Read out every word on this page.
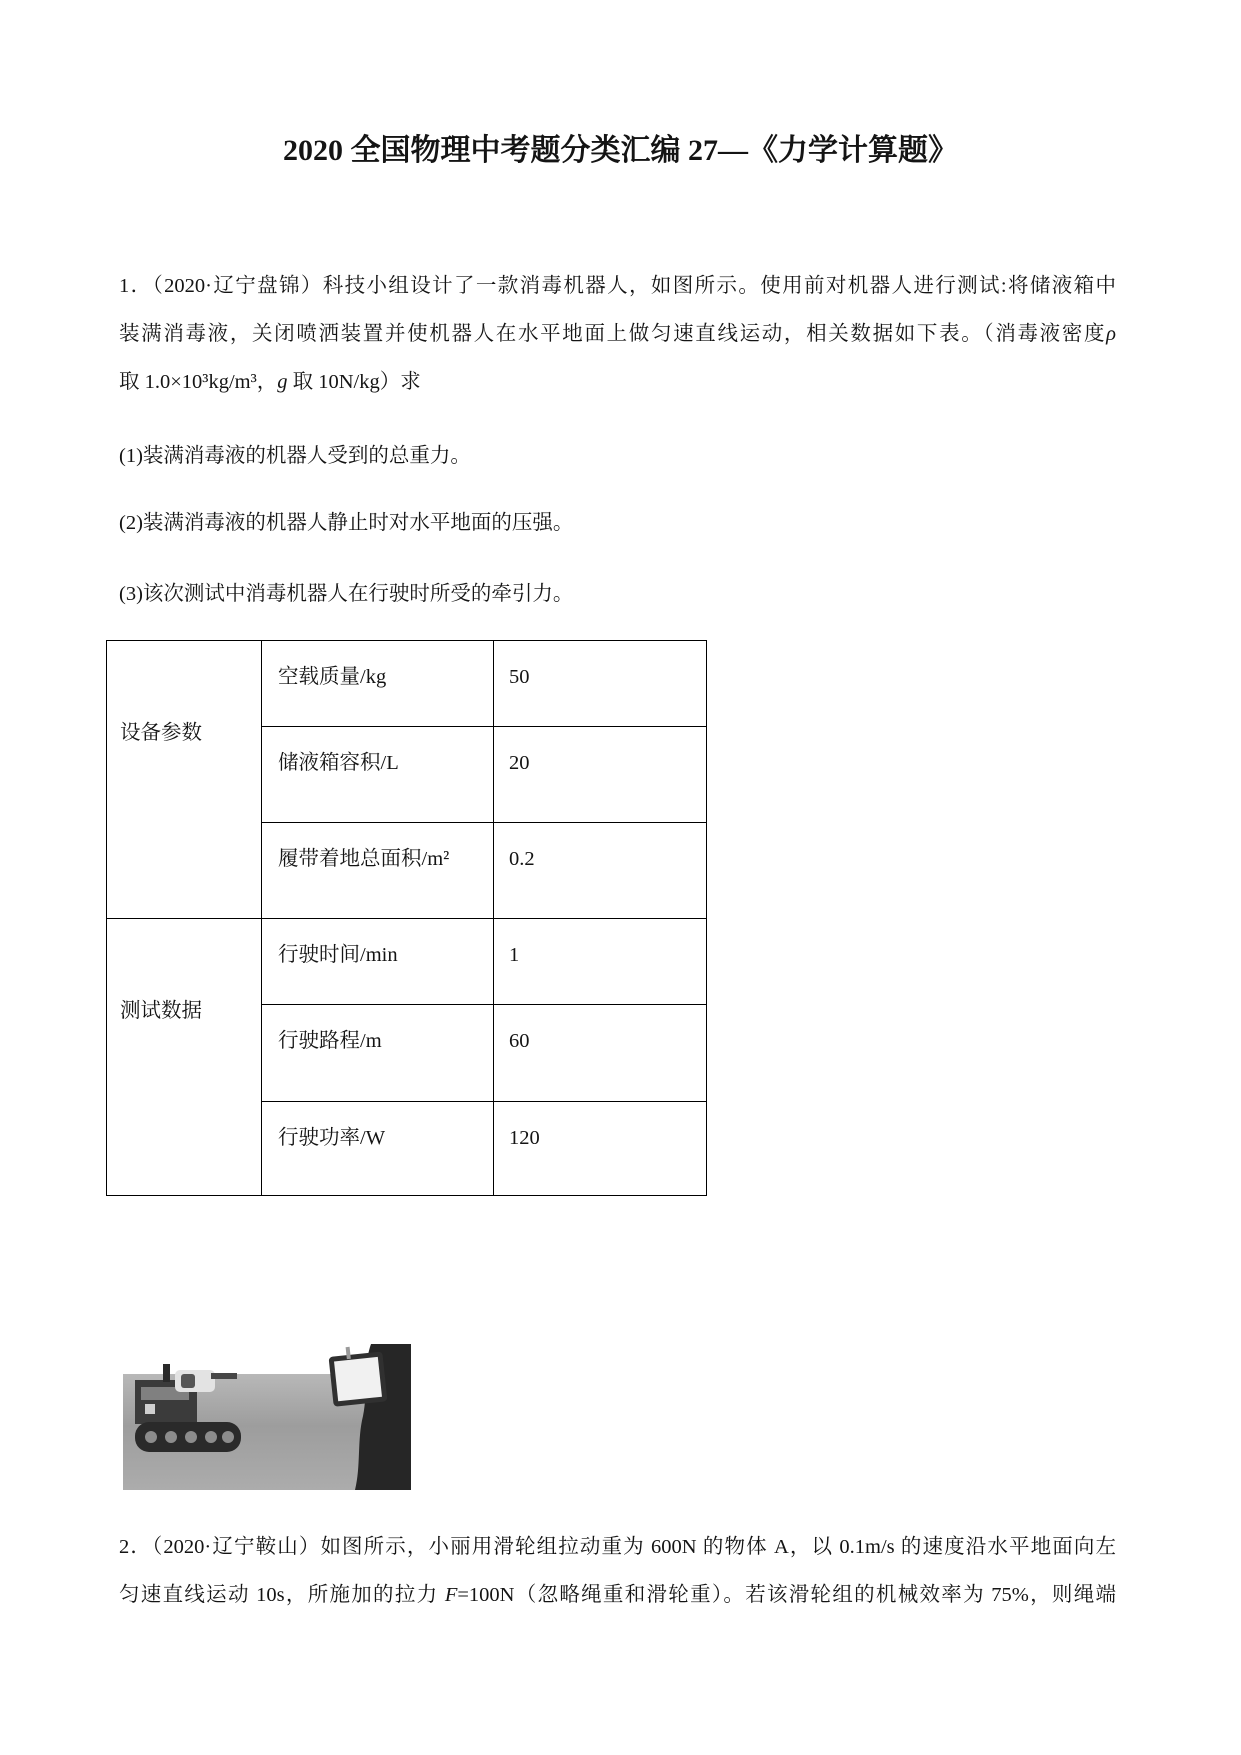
2020 全国物理中考题分类汇编 27—《力学计算题》
1．（2020·辽宁盘锦）科技小组设计了一款消毒机器人，如图所示。使用前对机器人进行测试:将储液箱中
装满消毒液，关闭喷洒装置并使机器人在水平地面上做匀速直线运动，相关数据如下表。（消毒液密度ρ
取 1.0×10³kg/m³，g 取 10N/kg）求
(1)装满消毒液的机器人受到的总重力。
(2)装满消毒液的机器人静止时对水平地面的压强。
(3)该次测试中消毒机器人在行驶时所受的牵引力。
设备参数	空载质量/kg	50
	储液箱容积/L	20
	履带着地总面积/m²	0.2
测试数据	行驶时间/min	1
	行驶路程/m	60
	行驶功率/W	120
2．（2020·辽宁鞍山）如图所示，小丽用滑轮组拉动重为 600N 的物体 A，以 0.1m/s 的速度沿水平地面向左
匀速直线运动 10s，所施加的拉力 F=100N（忽略绳重和滑轮重）。若该滑轮组的机械效率为 75%，则绳端
